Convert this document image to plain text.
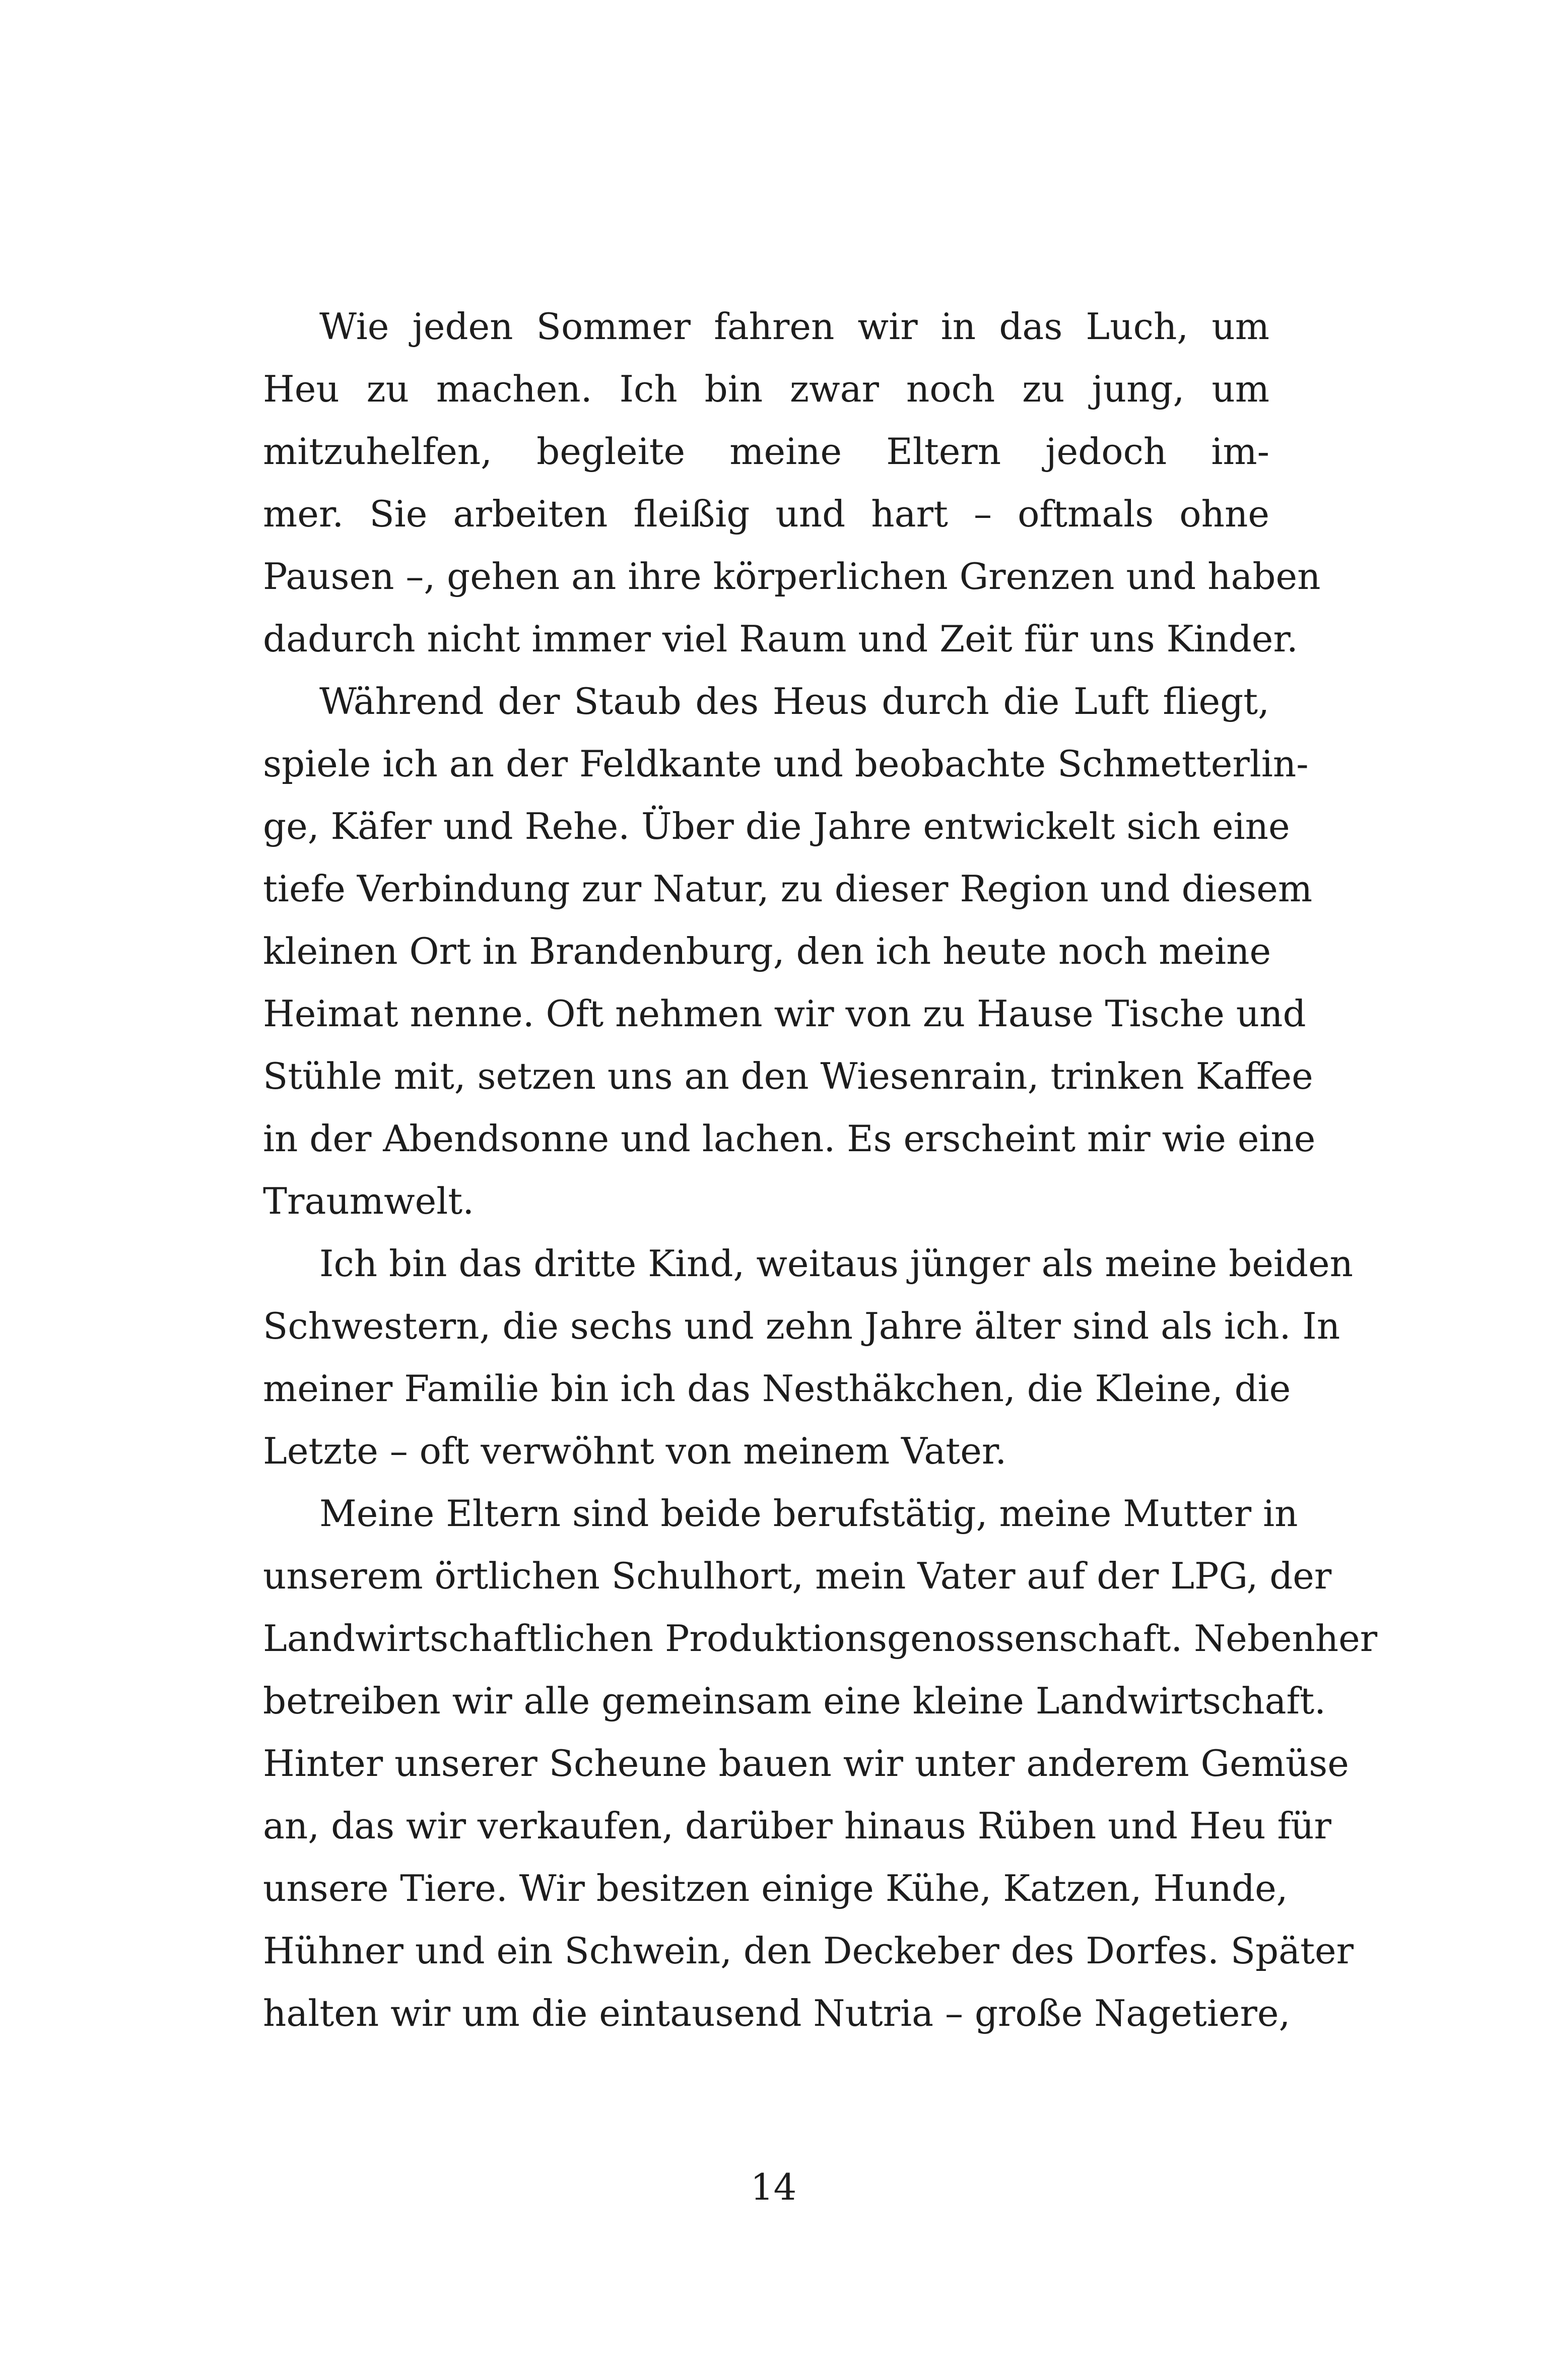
Wie jeden Sommer fahren wir in das Luch, um
Heu zu machen. Ich bin zwar noch zu jung, um
mitzuhelfen, begleite meine Eltern jedoch im-
mer. Sie arbeiten fleißig und hart – oftmals ohne
Pausen –, gehen an ihre körperlichen Grenzen und haben
dadurch nicht immer viel Raum und Zeit für uns Kinder.
Während der Staub des Heus durch die Luft fliegt,
spiele ich an der Feldkante und beobachte Schmetterlin-
ge, Käfer und Rehe. Über die Jahre entwickelt sich eine
tiefe Verbindung zur Natur, zu dieser Region und diesem
kleinen Ort in Brandenburg, den ich heute noch meine
Heimat nenne. Oft nehmen wir von zu Hause Tische und
Stühle mit, setzen uns an den Wiesenrain, trinken Kaffee
in der Abendsonne und lachen. Es erscheint mir wie eine
Traumwelt.
Ich bin das dritte Kind, weitaus jünger als meine beiden
Schwestern, die sechs und zehn Jahre älter sind als ich. In
meiner Familie bin ich das Nesthäkchen, die Kleine, die
Letzte – oft verwöhnt von meinem Vater.
Meine Eltern sind beide berufstätig, meine Mutter in
unserem örtlichen Schulhort, mein Vater auf der LPG, der
Landwirtschaftlichen Produktionsgenossenschaft. Nebenher
betreiben wir alle gemeinsam eine kleine Landwirtschaft.
Hinter unserer Scheune bauen wir unter anderem Gemüse
an, das wir verkaufen, darüber hinaus Rüben und Heu für
unsere Tiere. Wir besitzen einige Kühe, Katzen, Hunde,
Hühner und ein Schwein, den Deckeber des Dorfes. Später
halten wir um die eintausend Nutria – große Nagetiere,
14
